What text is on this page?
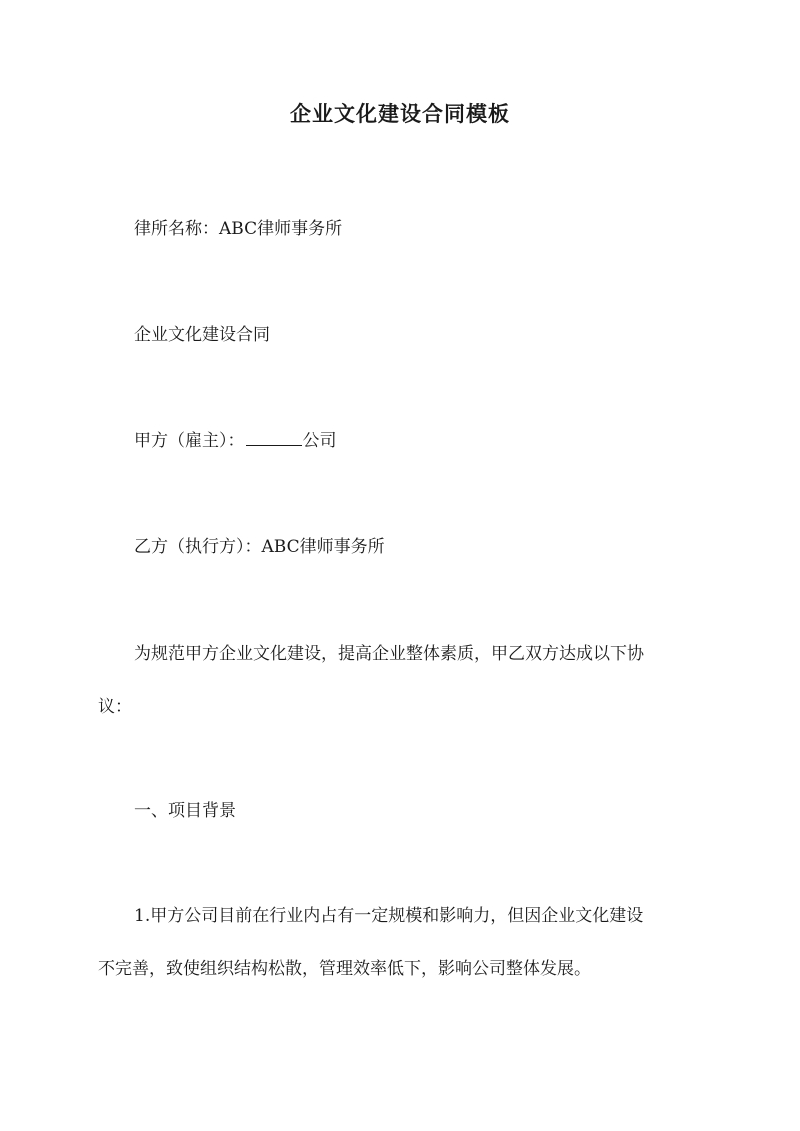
企业文化建设合同模板
律所名称：ABC律师事务所
企业文化建设合同
甲方（雇主）：	公司
乙方（执行方）：ABC律师事务所
为规范甲方企业文化建设，提高企业整体素质，甲乙双方达成以下协
议：
一、项目背景
1.甲方公司目前在行业内占有一定规模和影响力，但因企业文化建设
不完善，致使组织结构松散，管理效率低下，影响公司整体发展。
